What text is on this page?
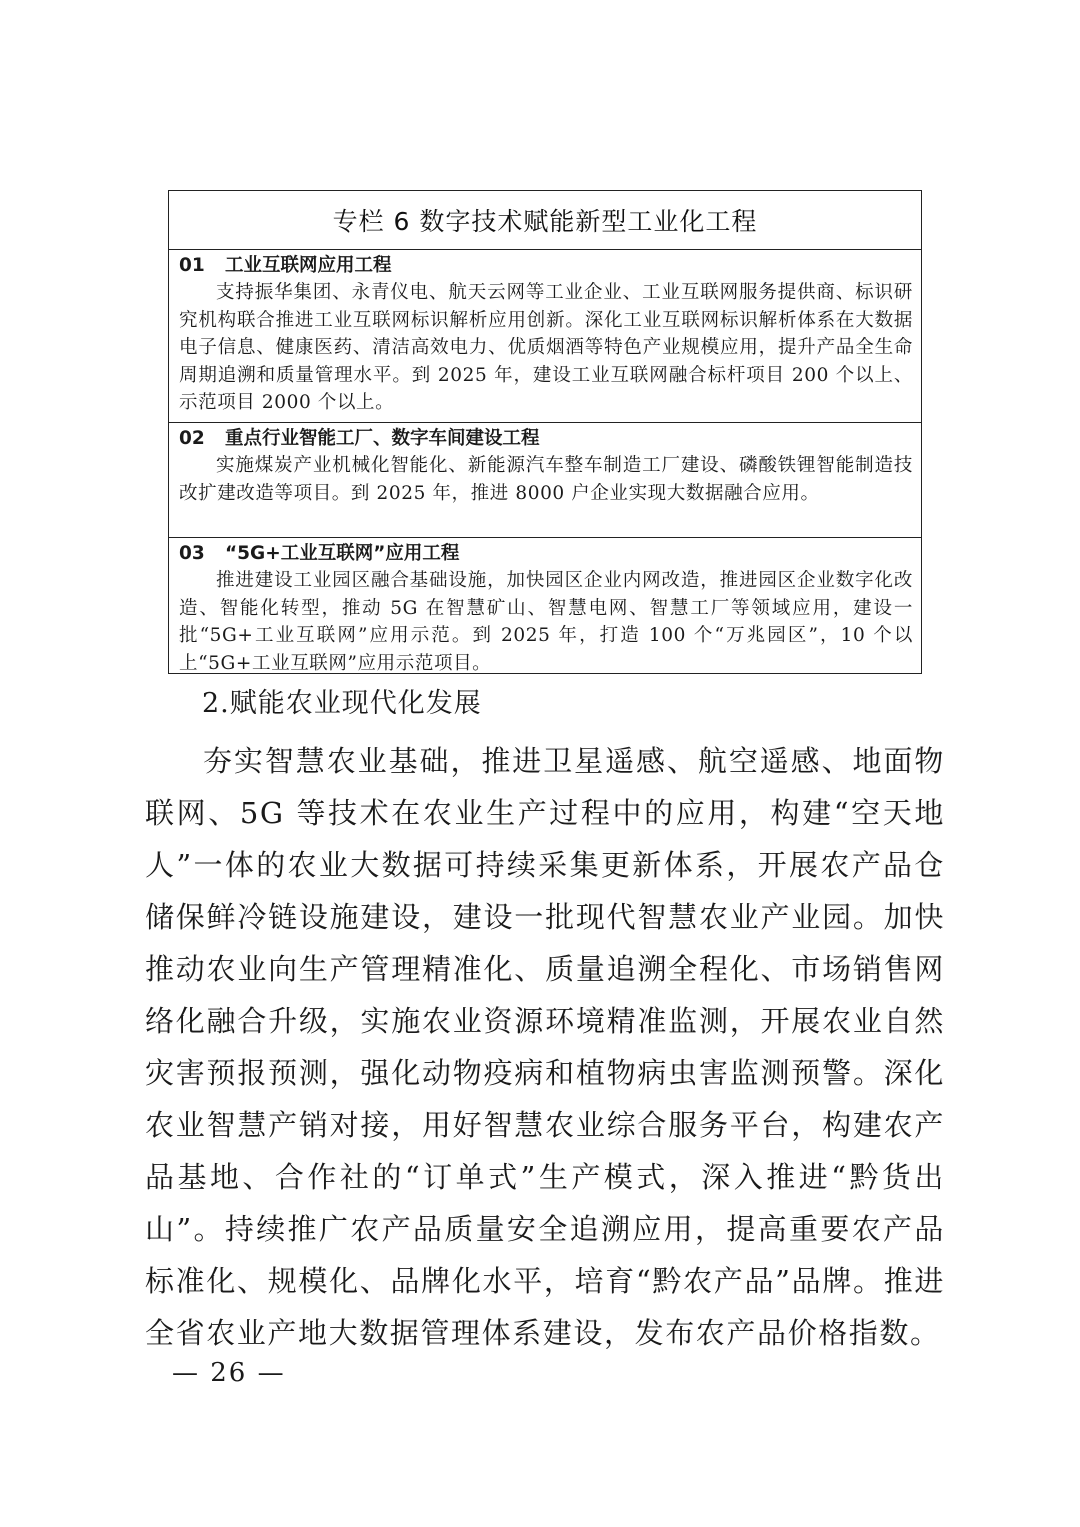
专栏 6 数字技术赋能新型工业化工程
01 工业互联网应用工程
支持振华集团、永青仪电、航天云网等工业企业、工业互联网服务提供商、标识研究机构联合推进工业互联网标识解析应用创新。深化工业互联网标识解析体系在大数据电子信息、健康医药、清洁高效电力、优质烟酒等特色产业规模应用，提升产品全生命周期追溯和质量管理水平。到 2025 年，建设工业互联网融合标杆项目 200 个以上、示范项目 2000 个以上。
02 重点行业智能工厂、数字车间建设工程
实施煤炭产业机械化智能化、新能源汽车整车制造工厂建设、磷酸铁锂智能制造技改扩建改造等项目。到 2025 年，推进 8000 户企业实现大数据融合应用。
03 “5G+工业互联网”应用工程
推进建设工业园区融合基础设施，加快园区企业内网改造，推进园区企业数字化改造、智能化转型，推动 5G 在智慧矿山、智慧电网、智慧工厂等领域应用，建设一批“5G+工业互联网”应用示范。到 2025 年，打造 100 个“万兆园区”，10 个以上“5G+工业互联网”应用示范项目。
2.赋能农业现代化发展
夯实智慧农业基础，推进卫星遥感、航空遥感、地面物联网、5G 等技术在农业生产过程中的应用，构建“空天地人”一体的农业大数据可持续采集更新体系，开展农产品仓储保鲜冷链设施建设，建设一批现代智慧农业产业园。加快推动农业向生产管理精准化、质量追溯全程化、市场销售网络化融合升级，实施农业资源环境精准监测，开展农业自然灾害预报预测，强化动物疫病和植物病虫害监测预警。深化农业智慧产销对接，用好智慧农业综合服务平台，构建农产品基地、合作社的“订单式”生产模式，深入推进“黔货出山”。持续推广农产品质量安全追溯应用，提高重要农产品标准化、规模化、品牌化水平，培育“黔农产品”品牌。推进全省农业产地大数据管理体系建设，发布农产品价格指数。
— 26 —
